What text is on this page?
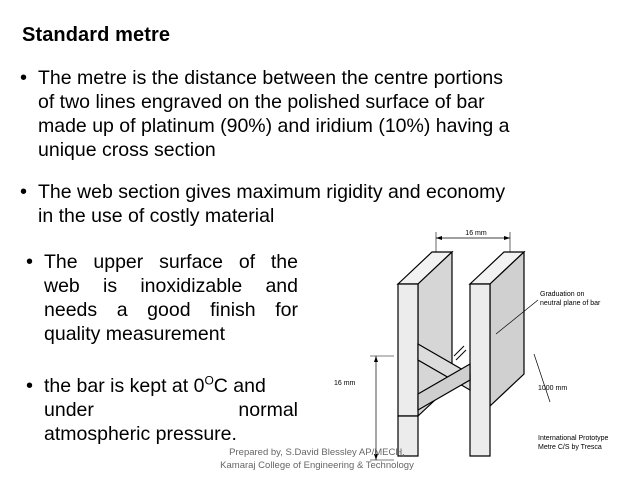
Standard metre
• The metre is the distance between the centre portions
of two lines engraved on the polished surface of bar
made up of platinum (90%) and iridium (10%) having a
unique cross section
• The web section gives maximum rigidity and economy
in the use of costly material
• The upper surface of the
web is inoxidizable and
needs a good finish for
quality measurement
• the bar is kept at $0^OC$ and
under	normal
atmospheric pressure.
16 mm
Graduation on
neutral plane of bar
16 mm
1000 mm
International Prototype
Metre C/S by Tresca
Prepared by, S.David Blessley AP/MECH,
Kamaraj College of Engineering & Technology
